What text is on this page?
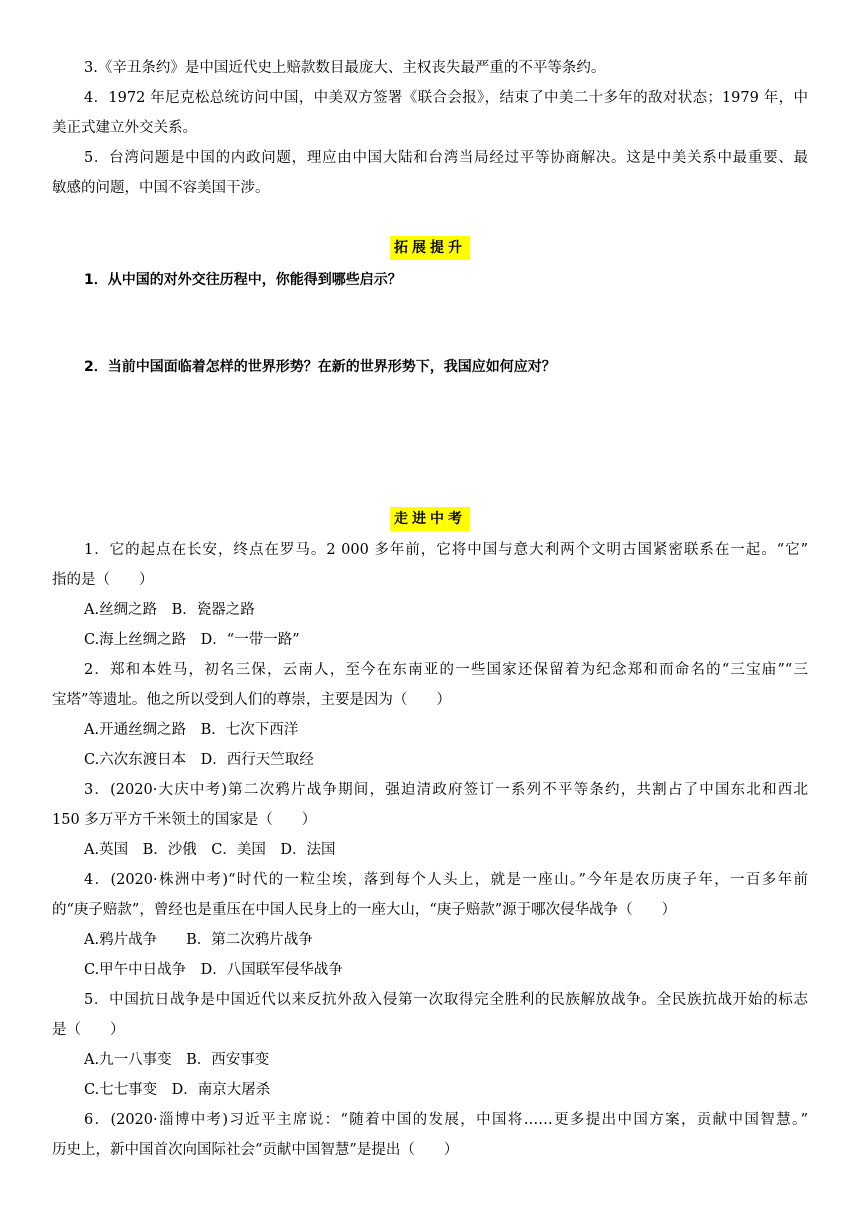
3.《辛丑条约》是中国近代史上赔款数目最庞大、主权丧失最严重的不平等条约。
4．1972 年尼克松总统访问中国，中美双方签署《联合会报》，结束了中美二十多年的敌对状态；1979 年，中
美正式建立外交关系。
5．台湾问题是中国的内政问题，理应由中国大陆和台湾当局经过平等协商解决。这是中美关系中最重要、最
敏感的问题，中国不容美国干涉。
拓展提升
1．从中国的对外交往历程中，你能得到哪些启示？
2．当前中国面临着怎样的世界形势？在新的世界形势下，我国应如何应对？
走进中考
1．它的起点在长安，终点在罗马。2 000 多年前，它将中国与意大利两个文明古国紧密联系在一起。“它”
指的是（　　）
A.丝绸之路　B．瓷器之路
C.海上丝绸之路　D．“一带一路”
2．郑和本姓马，初名三保，云南人，至今在东南亚的一些国家还保留着为纪念郑和而命名的“三宝庙”“三
宝塔”等遗址。他之所以受到人们的尊崇，主要是因为（　　）
A.开通丝绸之路　B．七次下西洋
C.六次东渡日本　D．西行天竺取经
3．(2020·大庆中考)第二次鸦片战争期间，强迫清政府签订一系列不平等条约，共割占了中国东北和西北
150 多万平方千米领土的国家是（　　）
A.英国　B．沙俄　C．美国　D．法国
4．(2020·株洲中考)“时代的一粒尘埃，落到每个人头上，就是一座山。”今年是农历庚子年，一百多年前
的“庚子赔款”，曾经也是重压在中国人民身上的一座大山，“庚子赔款”源于哪次侵华战争（　　）
A.鸦片战争　　B．第二次鸦片战争
C.甲午中日战争　D．八国联军侵华战争
5．中国抗日战争是中国近代以来反抗外敌入侵第一次取得完全胜利的民族解放战争。全民族抗战开始的标志
是（　　）
A.九一八事变　B．西安事变
C.七七事变　D．南京大屠杀
6．(2020·淄博中考)习近平主席说：“随着中国的发展，中国将……更多提出中国方案，贡献中国智慧。”
历史上，新中国首次向国际社会“贡献中国智慧”是提出（　　）
